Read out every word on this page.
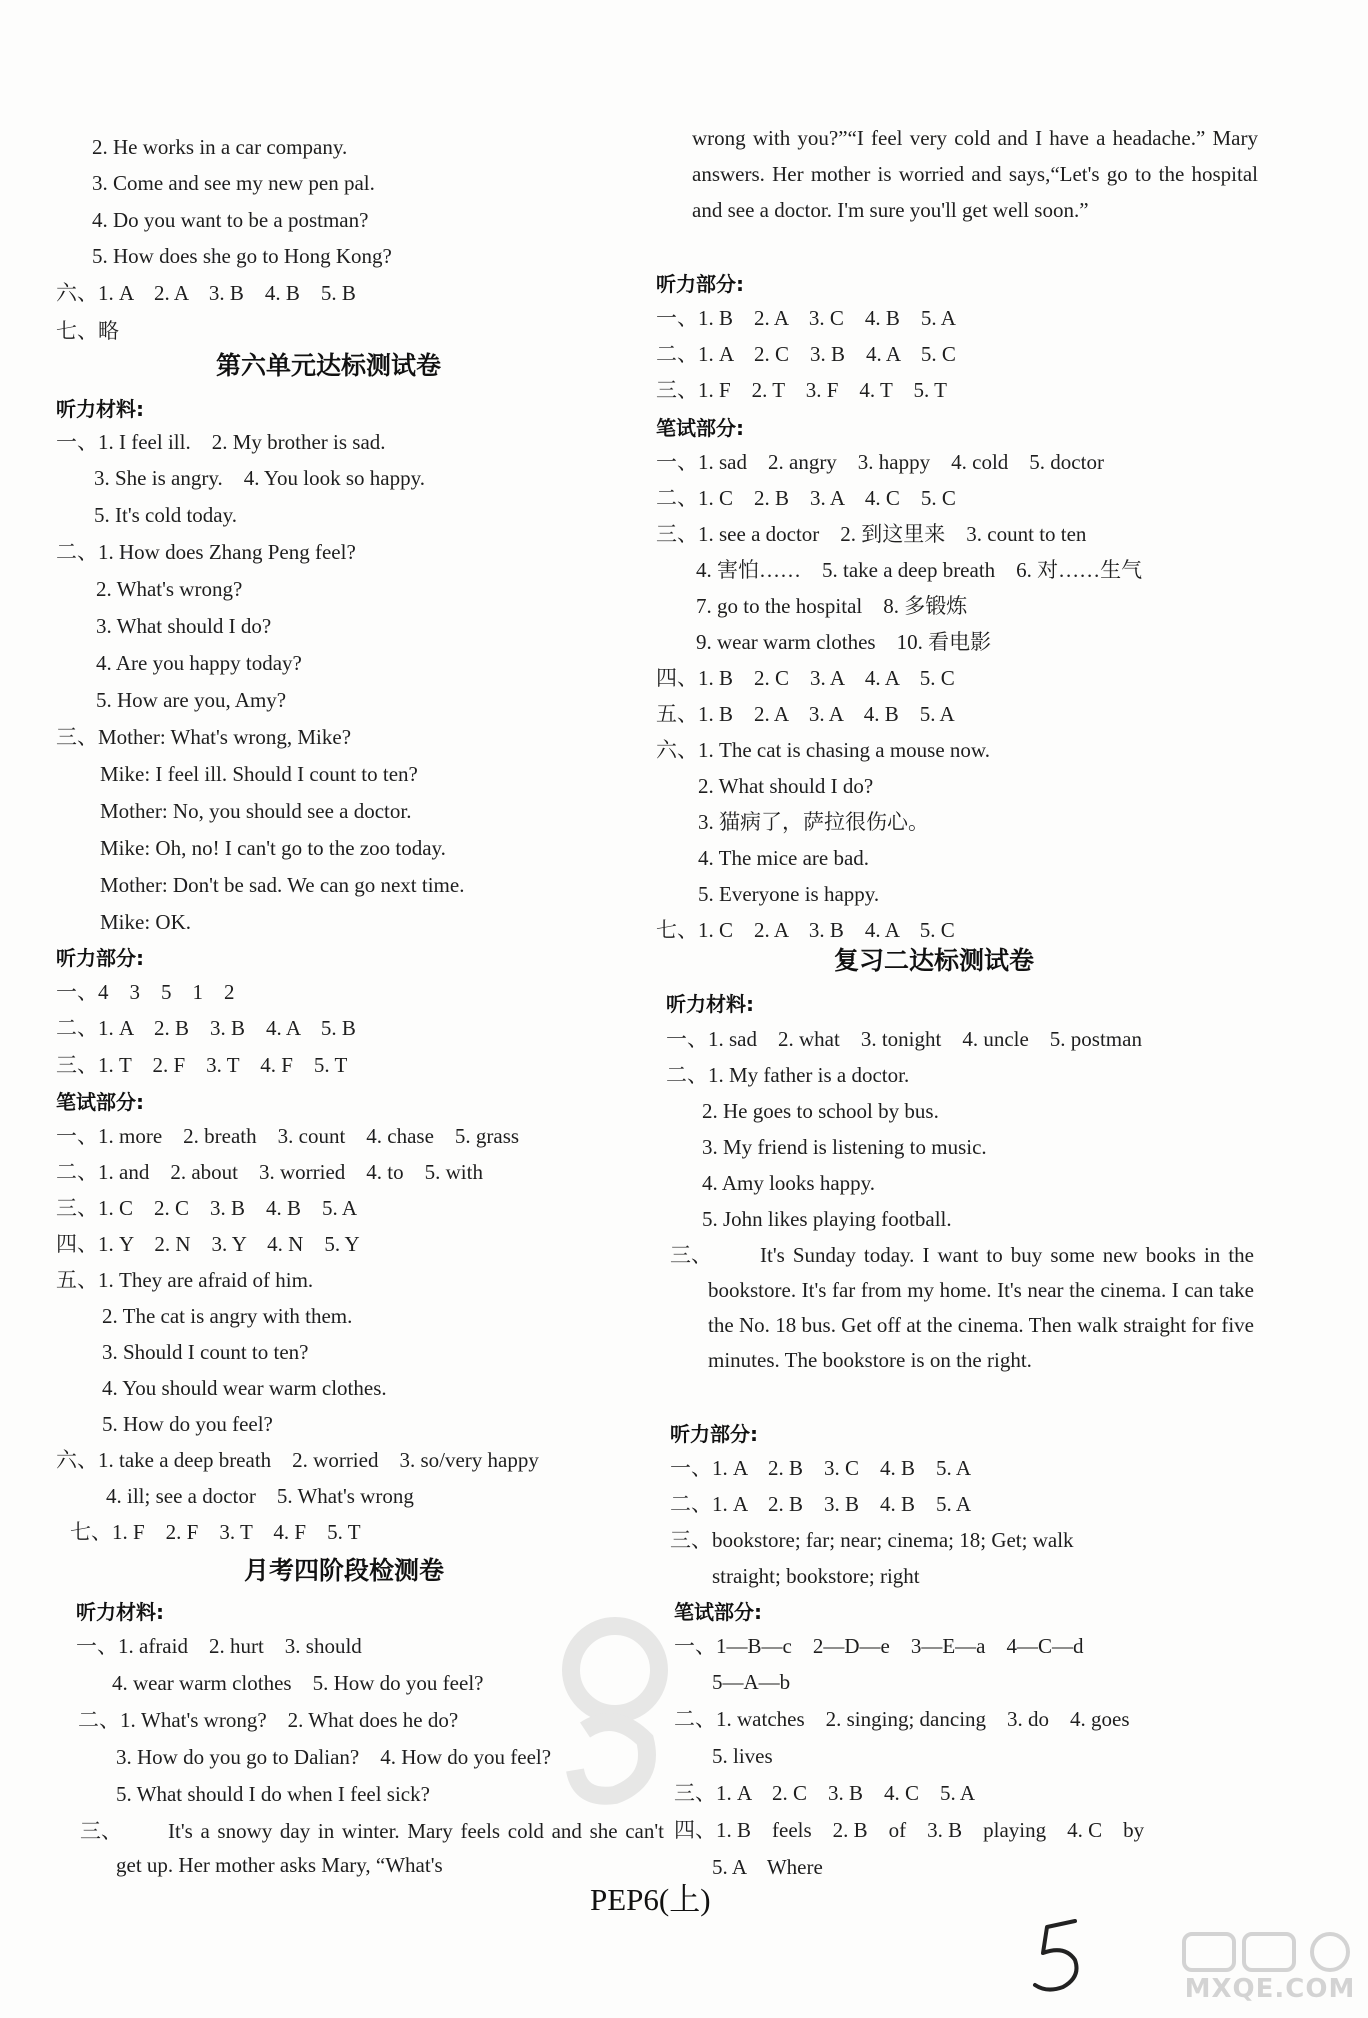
2. He works in a car company.
3. Come and see my new pen pal.
4. Do you want to be a postman?
5. How does she go to Hong Kong?
六、1. A　2. A　3. B　4. B　5. B
七、略
第六单元达标测试卷
听力材料:
一、1. I feel ill.　2. My brother is sad.
3. She is angry.　4. You look so happy.
5. It's cold today.
二、1. How does Zhang Peng feel?
2. What's wrong?
3. What should I do?
4. Are you happy today?
5. How are you, Amy?
三、Mother: What's wrong, Mike?
Mike: I feel ill. Should I count to ten?
Mother: No, you should see a doctor.
Mike: Oh, no! I can't go to the zoo today.
Mother: Don't be sad. We can go next time.
Mike: OK.
听力部分:
一、4　3　5　1　2
二、1. A　2. B　3. B　4. A　5. B
三、1. T　2. F　3. T　4. F　5. T
笔试部分:
一、1. more　2. breath　3. count　4. chase　5. grass
二、1. and　2. about　3. worried　4. to　5. with
三、1. C　2. C　3. B　4. B　5. A
四、1. Y　2. N　3. Y　4. N　5. Y
五、1. They are afraid of him.
2. The cat is angry with them.
3. Should I count to ten?
4. You should wear warm clothes.
5. How do you feel?
六、1. take a deep breath　2. worried　3. so/very happy
4. ill; see a doctor　5. What's wrong
七、1. F　2. F　3. T　4. F　5. T
月考四阶段检测卷
听力材料:
一、1. afraid　2. hurt　3. should
4. wear warm clothes　5. How do you feel?
二、1. What's wrong?　2. What does he do?
3. How do you go to Dalian?　4. How do you feel?
5. What should I do when I feel sick?
三、	It's a snowy day in winter. Mary feels cold and she can't get up. Her mother asks Mary, “What's
wrong with you?”“I feel very cold and I have a headache.” Mary answers. Her mother is worried and says,“Let's go to the hospital and see a doctor. I'm sure you'll get well soon.”
听力部分:
一、1. B　2. A　3. C　4. B　5. A
二、1. A　2. C　3. B　4. A　5. C
三、1. F　2. T　3. F　4. T　5. T
笔试部分:
一、1. sad　2. angry　3. happy　4. cold　5. doctor
二、1. C　2. B　3. A　4. C　5. C
三、1. see a doctor　2. 到这里来　3. count to ten
4. 害怕……　5. take a deep breath　6. 对……生气
7. go to the hospital　8. 多锻炼
9. wear warm clothes　10. 看电影
四、1. B　2. C　3. A　4. A　5. C
五、1. B　2. A　3. A　4. B　5. A
六、1. The cat is chasing a mouse now.
2. What should I do?
3. 猫病了，萨拉很伤心。
4. The mice are bad.
5. Everyone is happy.
七、1. C　2. A　3. B　4. A　5. C
复习二达标测试卷
听力材料:
一、1. sad　2. what　3. tonight　4. uncle　5. postman
二、1. My father is a doctor.
2. He goes to school by bus.
3. My friend is listening to music.
4. Amy looks happy.
5. John likes playing football.
三、	It's Sunday today. I want to buy some new books in the bookstore. It's far from my home. It's near the cinema. I can take the No. 18 bus. Get off at the cinema. Then walk straight for five minutes. The bookstore is on the right.
听力部分:
一、1. A　2. B　3. C　4. B　5. A
二、1. A　2. B　3. B　4. B　5. A
三、bookstore; far; near; cinema; 18; Get; walk
straight; bookstore; right
笔试部分:
一、1—B—c　2—D—e　3—E—a　4—C—d
5—A—b
二、1. watches　2. singing; dancing　3. do　4. goes
5. lives
三、1. A　2. C　3. B　4. C　5. A
四、1. B　feels　2. B　of　3. B　playing　4. C　by
5. A　Where
PEP6(上)
MXQE.COM
